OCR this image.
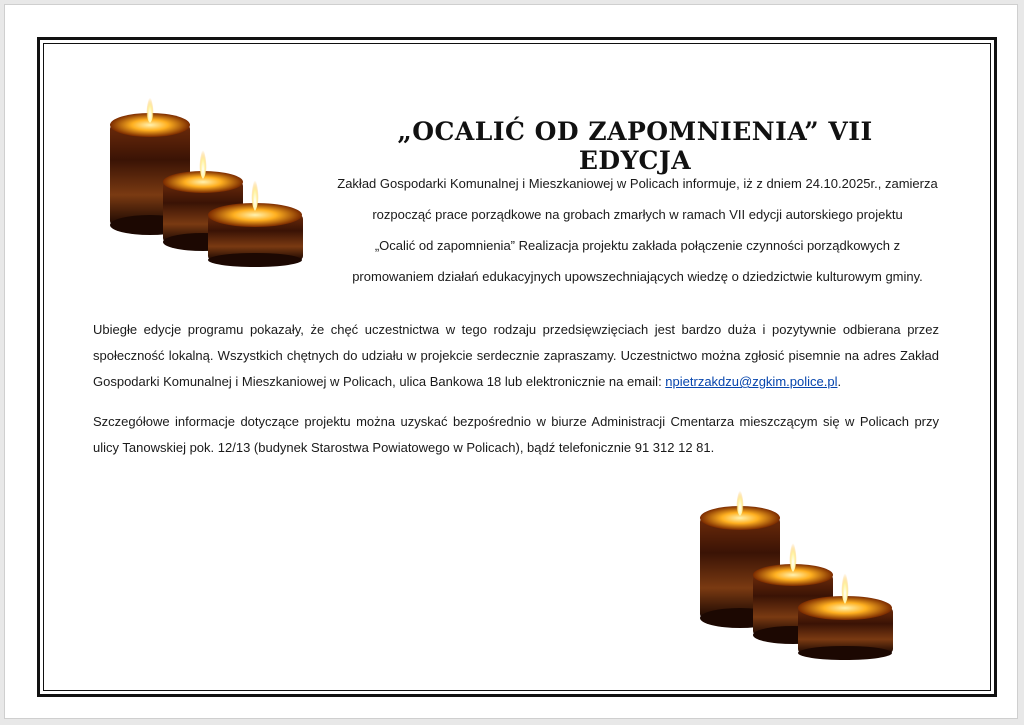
„OCALIĆ OD ZAPOMNIENIA” VII EDYCJA

Zakład Gospodarki Komunalnej i Mieszkaniowej w Policach informuje, iż z dniem 24.10.2025r., zamierza
rozpocząć prace porządkowe na grobach zmarłych w ramach VII edycji autorskiego projektu
„Ocalić od zapomnienia” Realizacja projektu zakłada połączenie czynności porządkowych z
promowaniem działań edukacyjnych upowszechniających wiedzę o dziedzictwie kulturowym gminy.

Ubiegłe edycje programu pokazały, że chęć uczestnictwa w tego rodzaju przedsięwzięciach jest bardzo duża i pozytywnie odbierana przez społeczność lokalną. Wszystkich chętnych do udziału w projekcie serdecznie zapraszamy. Uczestnictwo można zgłosić pisemnie na adres Zakład Gospodarki Komunalnej i Mieszkaniowej w Policach, ulica Bankowa 18 lub elektronicznie na email: npietrzakdzu@zgkim.police.pl.

Szczegółowe informacje dotyczące projektu można uzyskać bezpośrednio w biurze Administracji Cmentarza mieszczącym się w Policach przy ulicy Tanowskiej pok. 12/13 (budynek Starostwa Powiatowego w Policach), bądź telefonicznie 91 312 12 81.
